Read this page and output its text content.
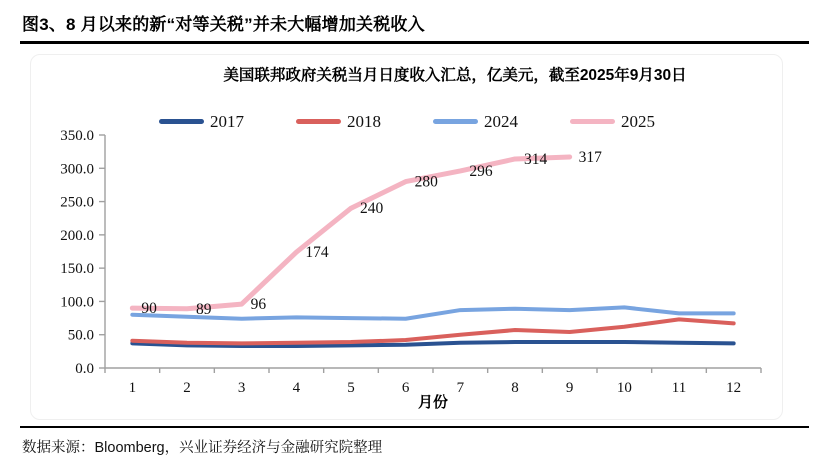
图3、8 月以来的新“对等关税”并未大幅增加关税收入
美国联邦政府关税当月日度收入汇总，亿美元，截至2025年9月30日
2017	2018	2024	2025
0.0
50.0
100.0
150.0
200.0
250.0
300.0
350.0
1	2	3	4	5	6	7	8	9	10	11	12
90	89	96
174
240
280
296
314 317
月份
数据来源：Bloomberg，兴业证券经济与金融研究院整理
